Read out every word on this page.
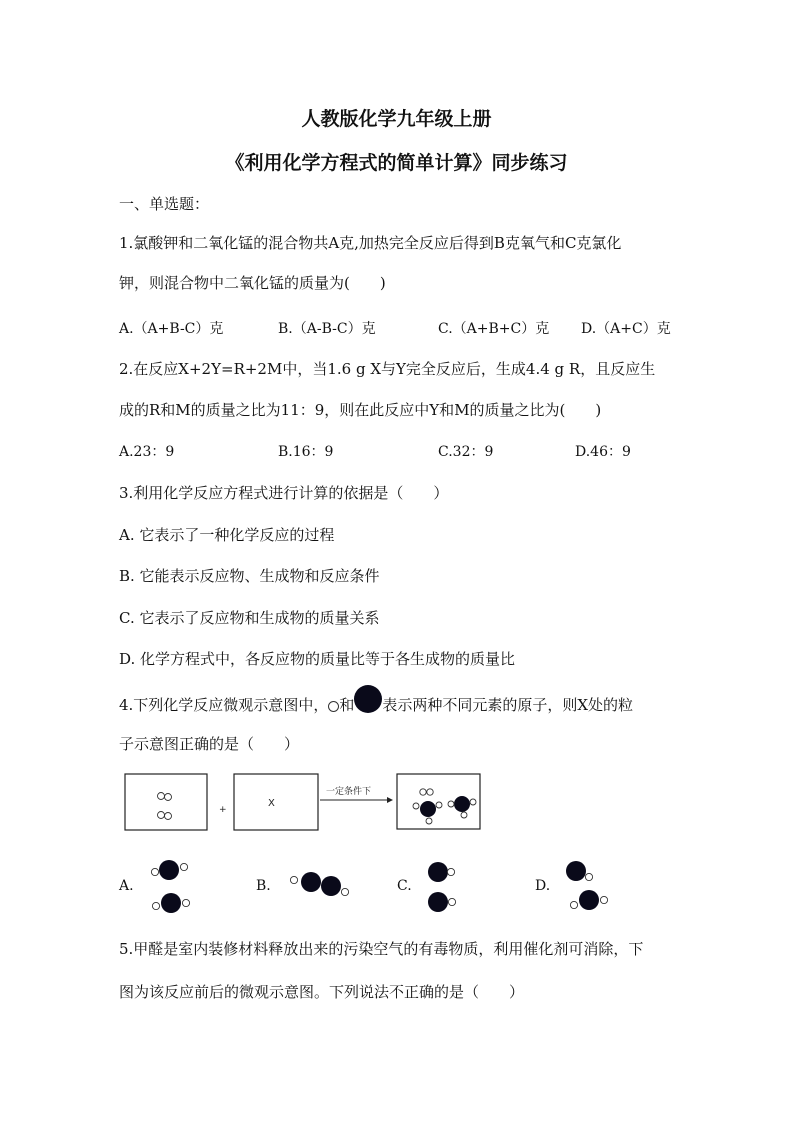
人教版化学九年级上册
《利用化学方程式的简单计算》同步练习
一、单选题：
1.氯酸钾和二氧化锰的混合物共A克,加热完全反应后得到B克氧气和C克氯化
钾，则混合物中二氧化锰的质量为(　　)
A.（A+B-C）克	B.（A-B-C）克	C.（A+B+C）克 D.（A+C）克
2.在反应X+2Y=R+2M中，当1.6 g X与Y完全反应后，生成4.4 g R，且反应生
成的R和M的质量之比为11：9，则在此反应中Y和M的质量之比为(　　)
A.23：9	B.16：9	C.32：9	D.46：9
3.利用化学反应方程式进行计算的依据是（　　）
A. 它表示了一种化学反应的过程
B. 它能表示反应物、生成物和反应条件
C. 它表示了反应物和生成物的质量关系
D. 化学方程式中，各反应物的质量比等于各生成物的质量比
4.下列化学反应微观示意图中， 和 表示两种不同元素的原子，则X处的粒
子示意图正确的是（　　）
+
X
一定条件下
A.	B.	C.	D.
5.甲醛是室内装修材料释放出来的污染空气的有毒物质，利用催化剂可消除，下
图为该反应前后的微观示意图。下列说法不正确的是（　　）
